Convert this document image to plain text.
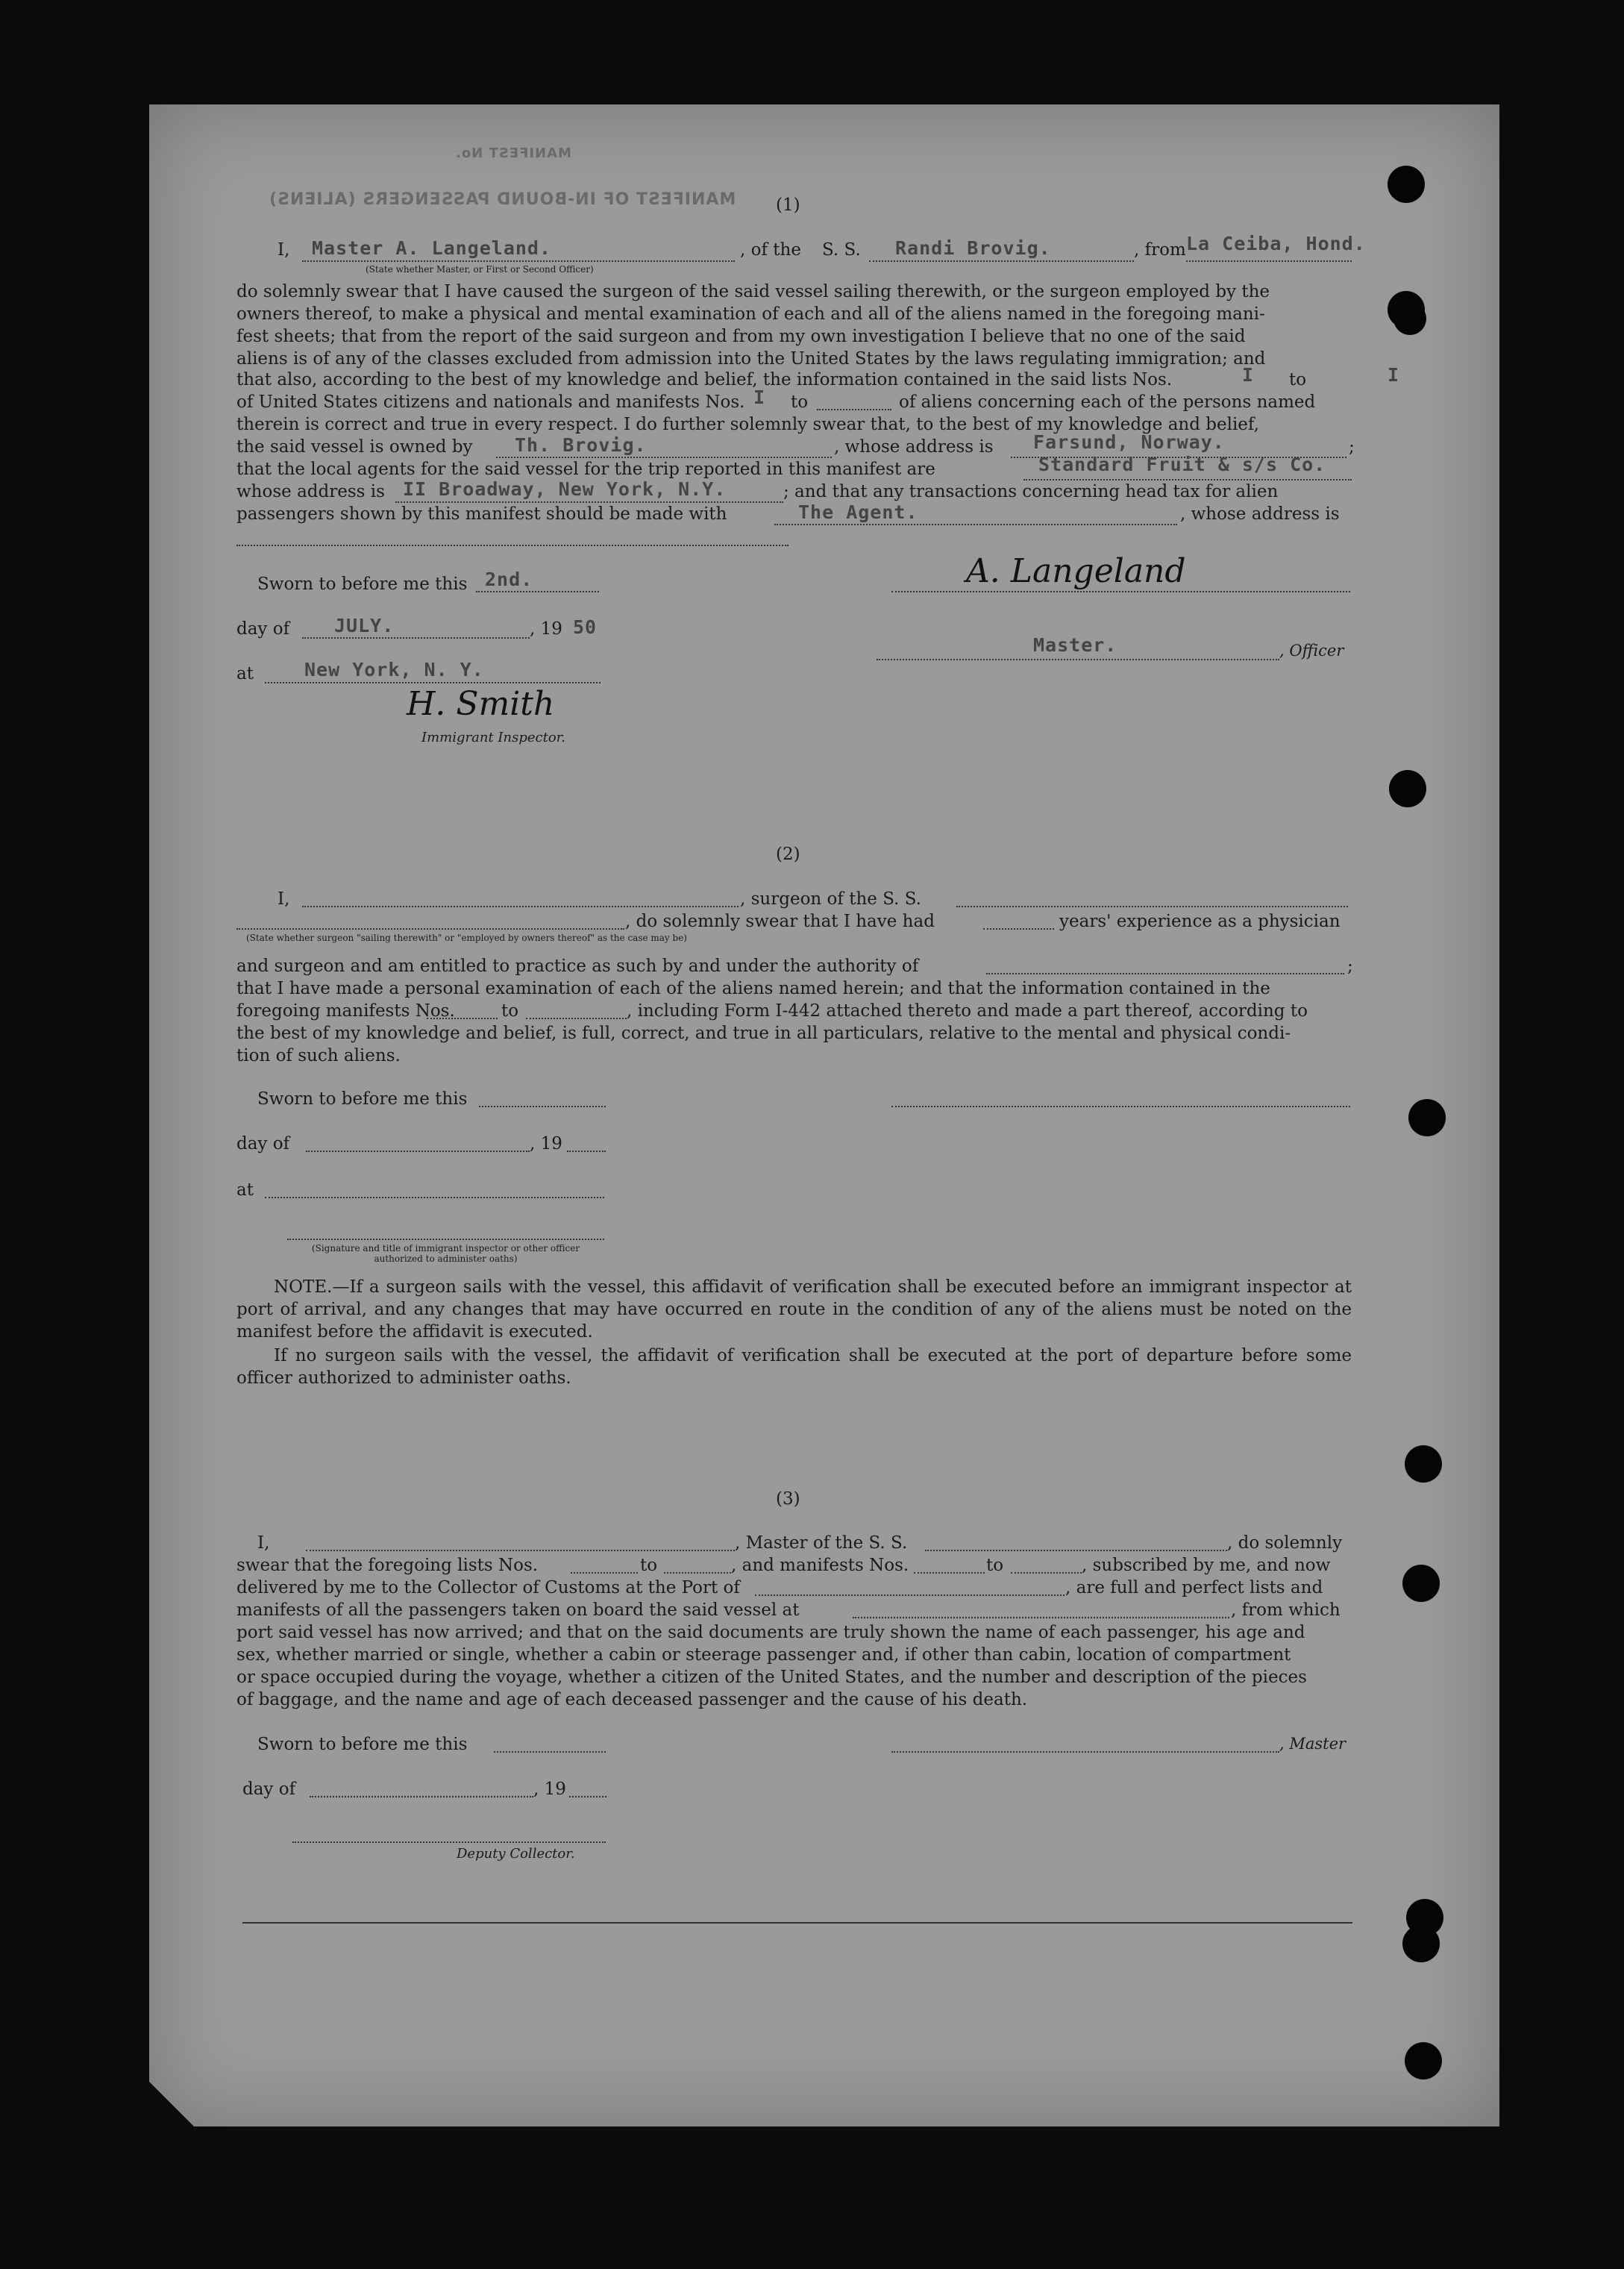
MANIFEST No.
MANIFEST OF IN-BOUND PASSENGERS (ALIENS) (1)
I, Master A. Langeland.	, of the S. S. Randi Brovig.	, from La Ceiba, Hond.
(State whether Master, or First or Second Officer)
do solemnly swear that I have caused the surgeon of the said vessel sailing therewith, or the surgeon employed by the
owners thereof, to make a physical and mental examination of each and all of the aliens named in the foregoing mani-
fest sheets; that from the report of the said surgeon and from my own investigation I believe that no one of the said
aliens is of any of the classes excluded from admission into the United States by the laws regulating immigration; and
that also, according to the best of my knowledge and belief, the information contained in the said lists Nos.	I to	I
of United States citizens and nationals and manifests Nos. I to	of aliens concerning each of the persons named
therein is correct and true in every respect. I do further solemnly swear that, to the best of my knowledge and belief,
the said vessel is owned by Th. Brovig.	, whose address is Farsund, Norway.	;
that the local agents for the said vessel for the trip reported in this manifest are	Standard Fruit & s/s Co.
whose address is II Broadway, New York, N.Y.	; and that any transactions concerning head tax for alien
passengers shown by this manifest should be made with	The Agent.	, whose address is
Sworn to before me this 2nd.
day of JULY.	, 19 50
at	New York, N. Y.
H. Smith
Immigrant Inspector.
A. Langeland
Master.	, Officer
(2)
I,	, surgeon of the S. S.
, do solemnly swear that I have had	years' experience as a physician
(State whether surgeon "sailing therewith" or "employed by owners thereof" as the case may be)
and surgeon and am entitled to practice as such by and under the authority of	;
that I have made a personal examination of each of the aliens named herein; and that the information contained in the
foregoing manifests Nos.	to	, including Form I-442 attached thereto and made a part thereof, according to
the best of my knowledge and belief, is full, correct, and true in all particulars, relative to the mental and physical condi-
tion of such aliens.
Sworn to before me this
day of	, 19
at
(Signature and title of immigrant inspector or other officer authorized to administer oaths)
NOTE.—If a surgeon sails with the vessel, this affidavit of verification shall be executed before an immigrant inspector at port of arrival, and any changes that may have occurred en route in the condition of any of the aliens must be noted on the manifest before the affidavit is executed.
If no surgeon sails with the vessel, the affidavit of verification shall be executed at the port of departure before some officer authorized to administer oaths.
(3)
I,	, Master of the S. S.	, do solemnly
swear that the foregoing lists Nos.	to	, and manifests Nos.	to	, subscribed by me, and now
delivered by me to the Collector of Customs at the Port of	, are full and perfect lists and
manifests of all the passengers taken on board the said vessel at	, from which
port said vessel has now arrived; and that on the said documents are truly shown the name of each passenger, his age and
sex, whether married or single, whether a cabin or steerage passenger and, if other than cabin, location of compartment
or space occupied during the voyage, whether a citizen of the United States, and the number and description of the pieces
of baggage, and the name and age of each deceased passenger and the cause of his death.
Sworn to before me this	, Master
day of	, 19
Deputy Collector.
